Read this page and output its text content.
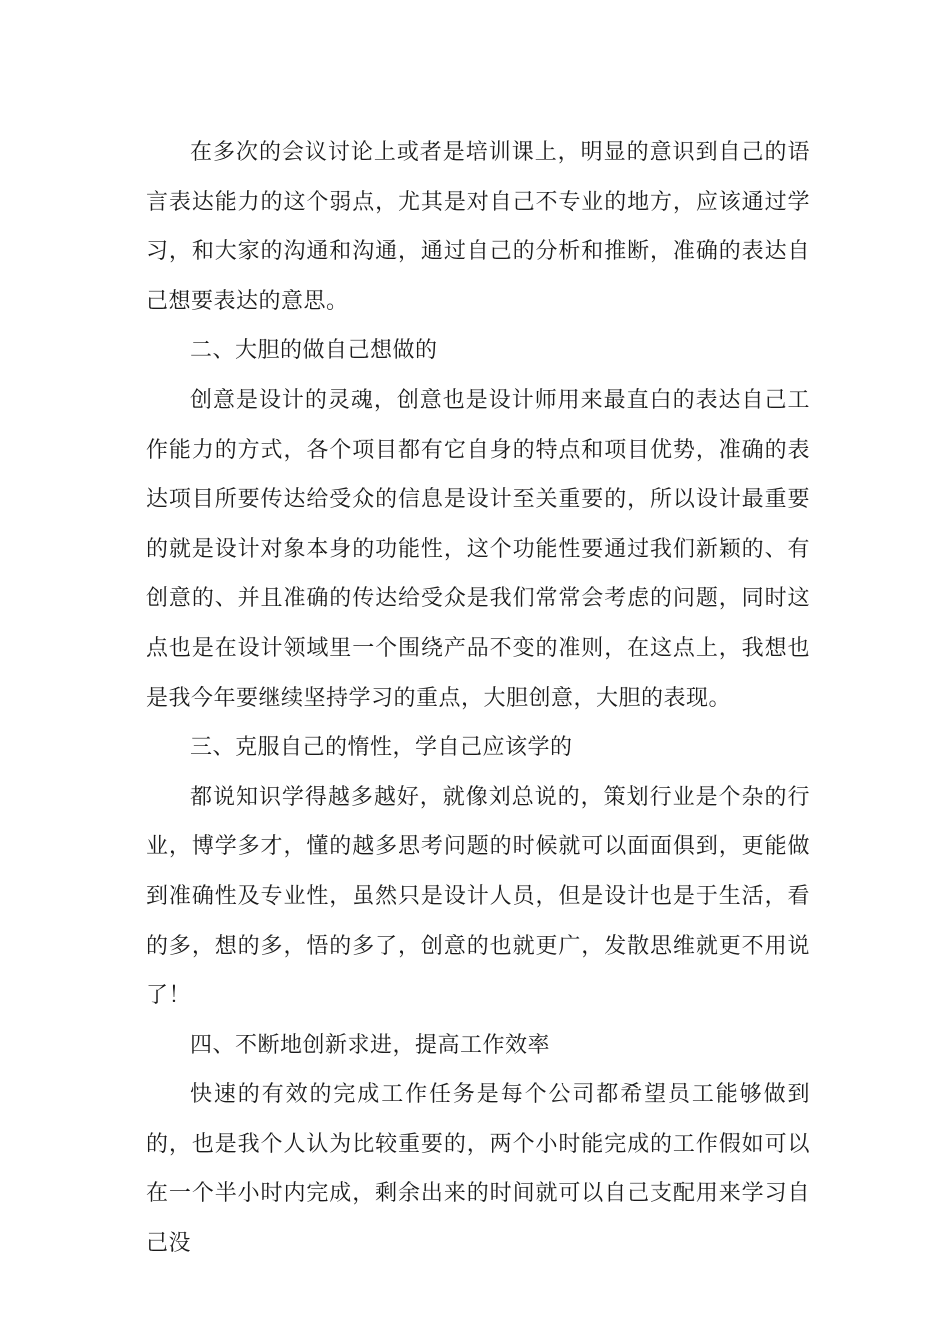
在多次的会议讨论上或者是培训课上，明显的意识到自己的语言表达能力的这个弱点，尤其是对自己不专业的地方，应该通过学习，和大家的沟通和沟通，通过自己的分析和推断，准确的表达自己想要表达的意思。

二、大胆的做自己想做的

创意是设计的灵魂，创意也是设计师用来最直白的表达自己工作能力的方式，各个项目都有它自身的特点和项目优势，准确的表达项目所要传达给受众的信息是设计至关重要的，所以设计最重要的就是设计对象本身的功能性，这个功能性要通过我们新颖的、有创意的、并且准确的传达给受众是我们常常会考虑的问题，同时这点也是在设计领域里一个围绕产品不变的准则，在这点上，我想也是我今年要继续坚持学习的重点，大胆创意，大胆的表现。

三、克服自己的惰性，学自己应该学的

都说知识学得越多越好，就像刘总说的，策划行业是个杂的行业，博学多才，懂的越多思考问题的时候就可以面面俱到，更能做到准确性及专业性，虽然只是设计人员，但是设计也是于生活，看的多，想的多，悟的多了，创意的也就更广，发散思维就更不用说了！

四、不断地创新求进，提高工作效率

快速的有效的完成工作任务是每个公司都希望员工能够做到的，也是我个人认为比较重要的，两个小时能完成的工作假如可以在一个半小时内完成，剩余出来的时间就可以自己支配用来学习自己没
